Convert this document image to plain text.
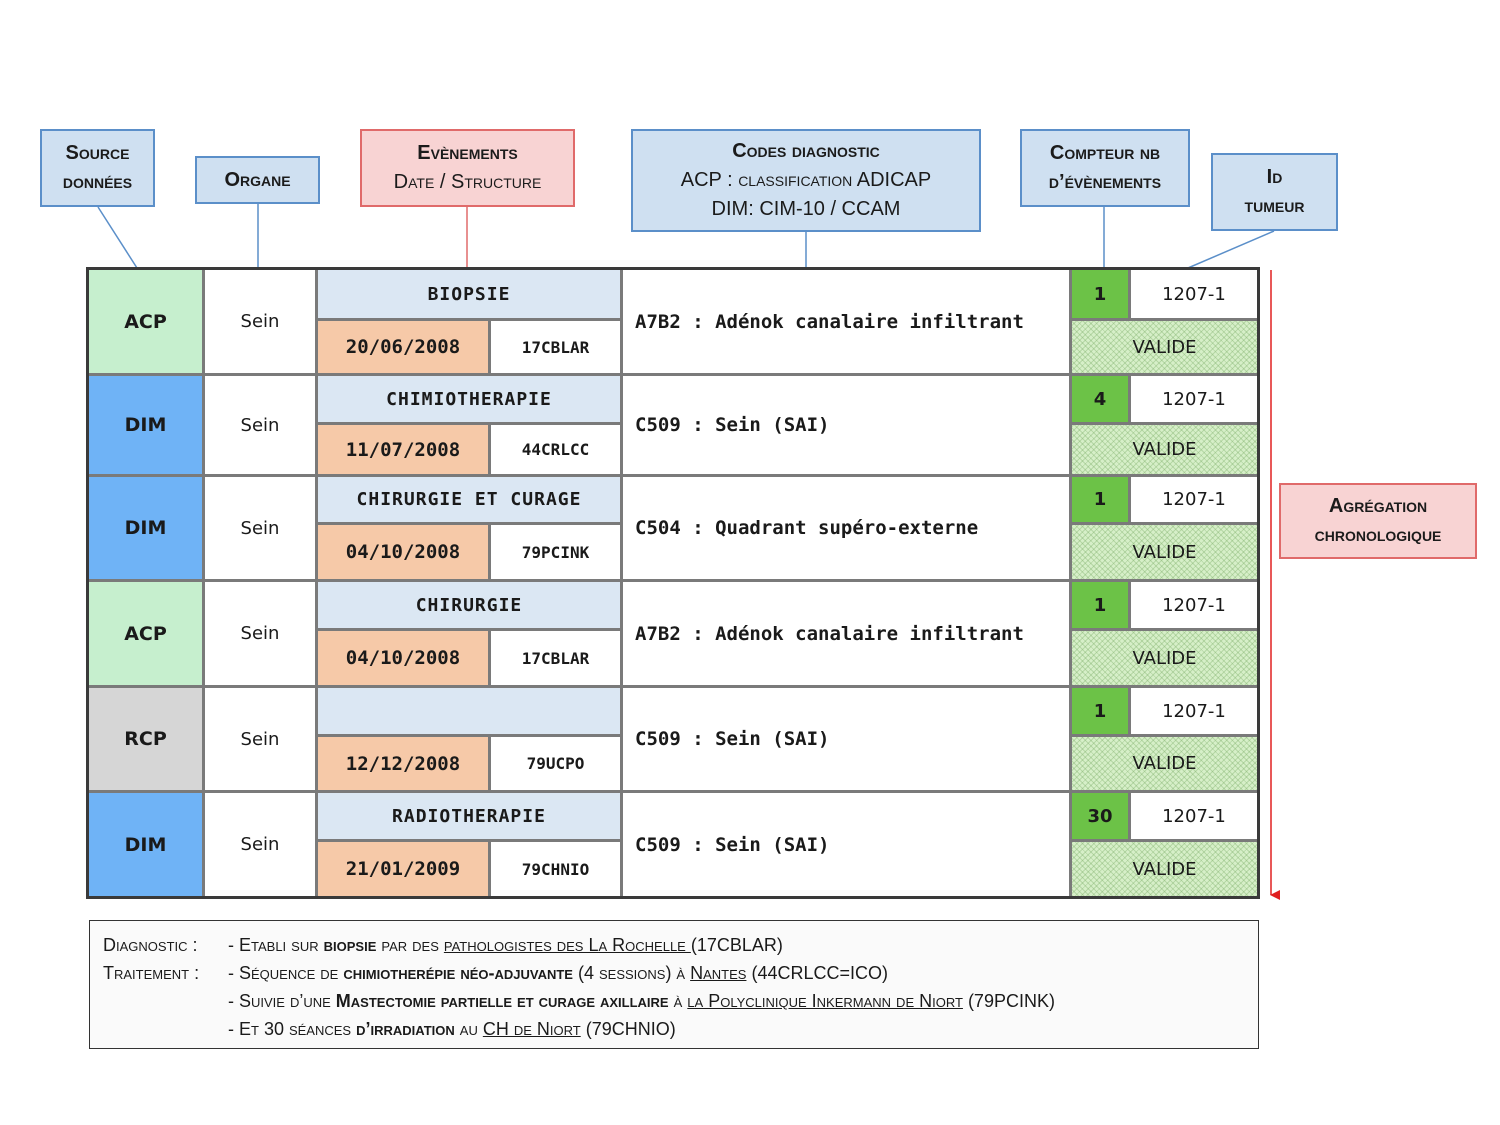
Source
données	Organe
Evènements
Date / Structure
Codes diagnostic
ACP : classification ADICAP
DIM: CIM-10 / CCAM
Compteur nb
d’évènements	Id
tumeur
Agrégation
chronologique
ACP	Sein
BIOPSIE
20/06/2008	17CBLAR
A7B2 : Adénok canalaire infiltrant
1	1207-1
VALIDE
DIM	Sein
CHIMIOTHERAPIE
11/07/2008	44CRLCC
C509 : Sein (SAI)
4	1207-1
VALIDE
DIM	Sein
CHIRURGIE ET CURAGE
04/10/2008	79PCINK
C504 : Quadrant supéro-externe
1	1207-1
VALIDE
ACP	Sein
CHIRURGIE
04/10/2008	17CBLAR
A7B2 : Adénok canalaire infiltrant
1	1207-1
VALIDE
RCP	Sein
12/12/2008	79UCPO
C509 : Sein (SAI)
1	1207-1
VALIDE
DIM	Sein
RADIOTHERAPIE
21/01/2009	79CHNIO
C509 : Sein (SAI)
30	1207-1
VALIDE
Diagnostic : - Etabli sur biopsie par des pathologistes des La Rochelle (17CBLAR)
Traitement : - Séquence de chimiotherépie néo-adjuvante (4 sessions) à Nantes (44CRLCC=ICO)
- Suivie d’une Mastectomie partielle et curage axillaire à la Polyclinique Inkermann de Niort (79PCINK)
- Et 30 séances d’irradiation au CH de Niort (79CHNIO)
